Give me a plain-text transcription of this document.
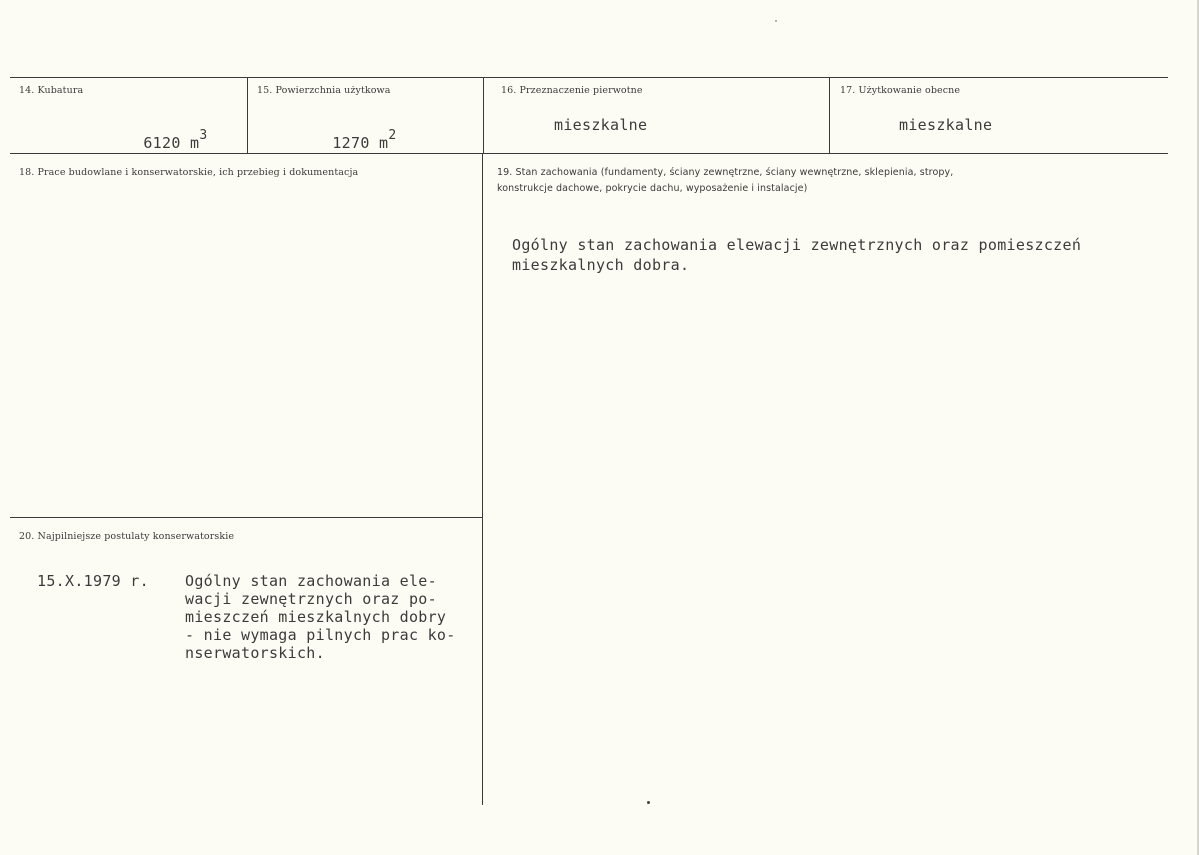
14. Kubatura

6120 m3

15. Powierzchnia użytkowa

1270 m2

16. Przeznaczenie pierwotne
mieszkalne
17. Użytkowanie obecne
mieszkalne
18. Prace budowlane i konserwatorskie, ich przebieg i dokumentacja	19. Stan zachowania (fundamenty, ściany zewnętrzne, ściany wewnętrzne, sklepienia, stropy,
konstrukcje dachowe, pokrycie dachu, wyposażenie i instalacje)
Ogólny stan zachowania elewacji zewnętrznych oraz pomieszczeń
mieszkalnych dobra.
20. Najpilniejsze postulaty konserwatorskie
15.X.1979 r. Ogólny stan zachowania ele-
wacji zewnętrznych oraz po-
mieszczeń mieszkalnych dobry
- nie wymaga pilnych prac ko-
nserwatorskich.
